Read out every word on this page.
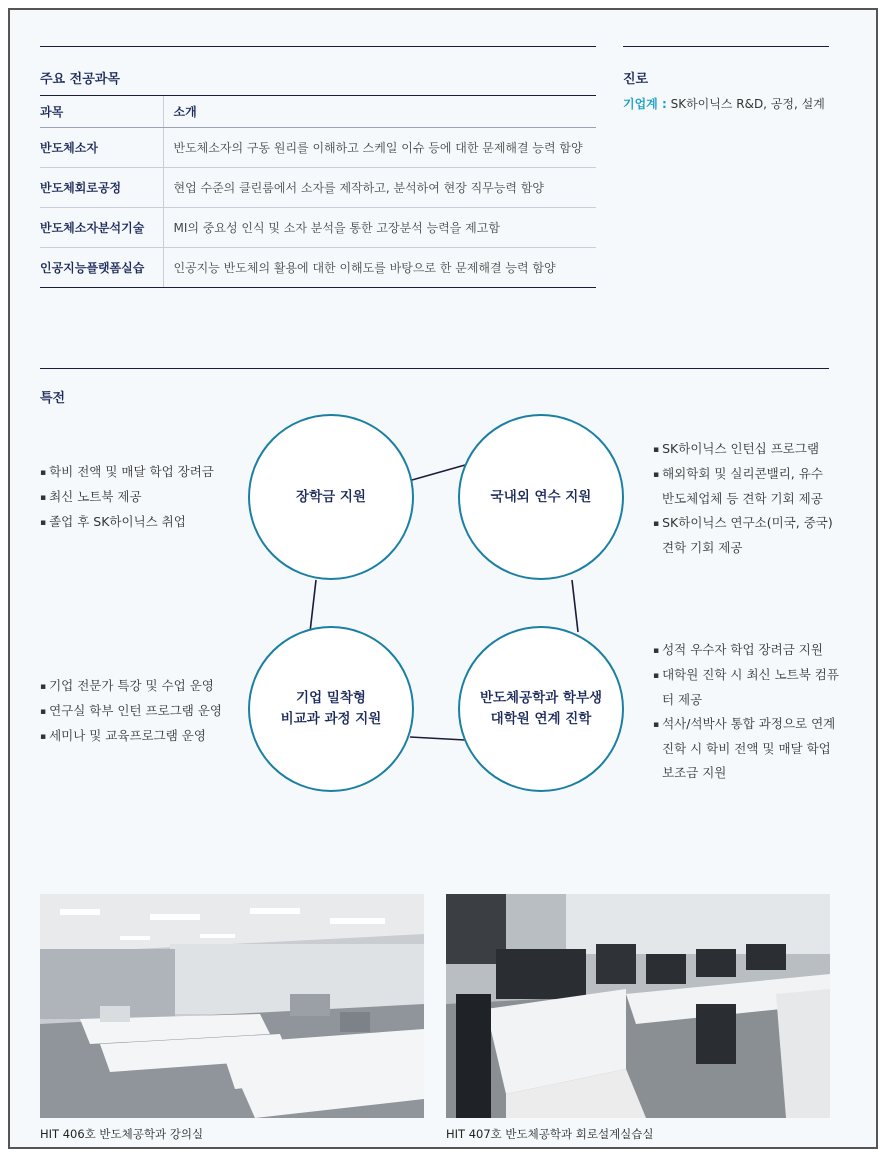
주요 전공과목
과목	소개
반도체소자	반도체소자의 구동 원리를 이해하고 스케일 이슈 등에 대한 문제해결 능력 함양
반도체회로공정	현업 수준의 클린룸에서 소자를 제작하고, 분석하여 현장 직무능력 함양
반도체소자분석기술	MI의 중요성 인식 및 소자 분석을 통한 고장분석 능력을 제고함
인공지능플랫폼실습	인공지능 반도체의 활용에 대한 이해도를 바탕으로 한 문제해결 능력 함양
진로
기업계 : SK하이닉스 R&D, 공정, 설계
특전
장학금 지원	국내외 연수 지원
기업 밀착형
비교과 과정 지원
반도체공학과 학부생
대학원 연계 진학
▪ 학비 전액 및 매달 학업 장려금
▪ 최신 노트북 제공
▪ 졸업 후 SK하이닉스 취업
▪ SK하이닉스 인턴십 프로그램
▪ 해외학회 및 실리콘밸리, 유수 반도체업체 등 견학 기회 제공
▪ SK하이닉스 연구소(미국, 중국) 견학 기회 제공
▪ 기업 전문가 특강 및 수업 운영
▪ 연구실 학부 인턴 프로그램 운영
▪ 세미나 및 교육프로그램 운영
▪ 성적 우수자 학업 장려금 지원
▪ 대학원 진학 시 최신 노트북 컴퓨터 제공
▪ 석사/석박사 통합 과정으로 연계 진학 시 학비 전액 및 매달 학업 보조금 지원
HIT 406호 반도체공학과 강의실	HIT 407호 반도체공학과 회로설계실습실
